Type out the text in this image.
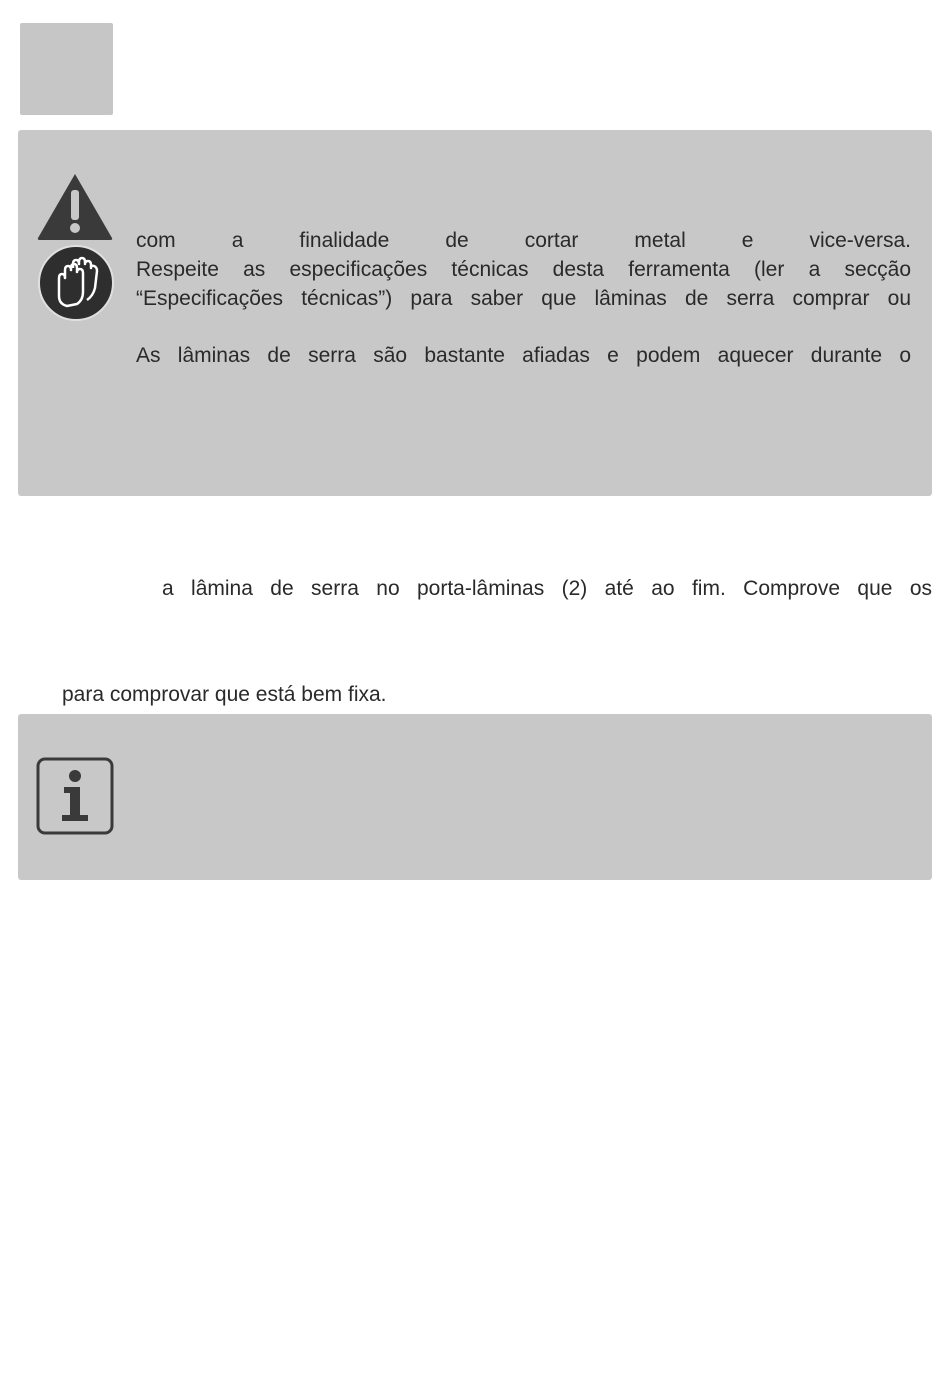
com a finalidade de cortar metal e vice-versa.

Respeite as especificações técnicas desta ferramenta (ler a secção

“Especificações técnicas”) para saber que lâminas de serra comprar ou

As lâminas de serra são bastante afiadas e podem aquecer durante o

a lâmina de serra no porta-lâminas (2) até ao fim. Comprove que os

para comprovar que está bem fixa.
